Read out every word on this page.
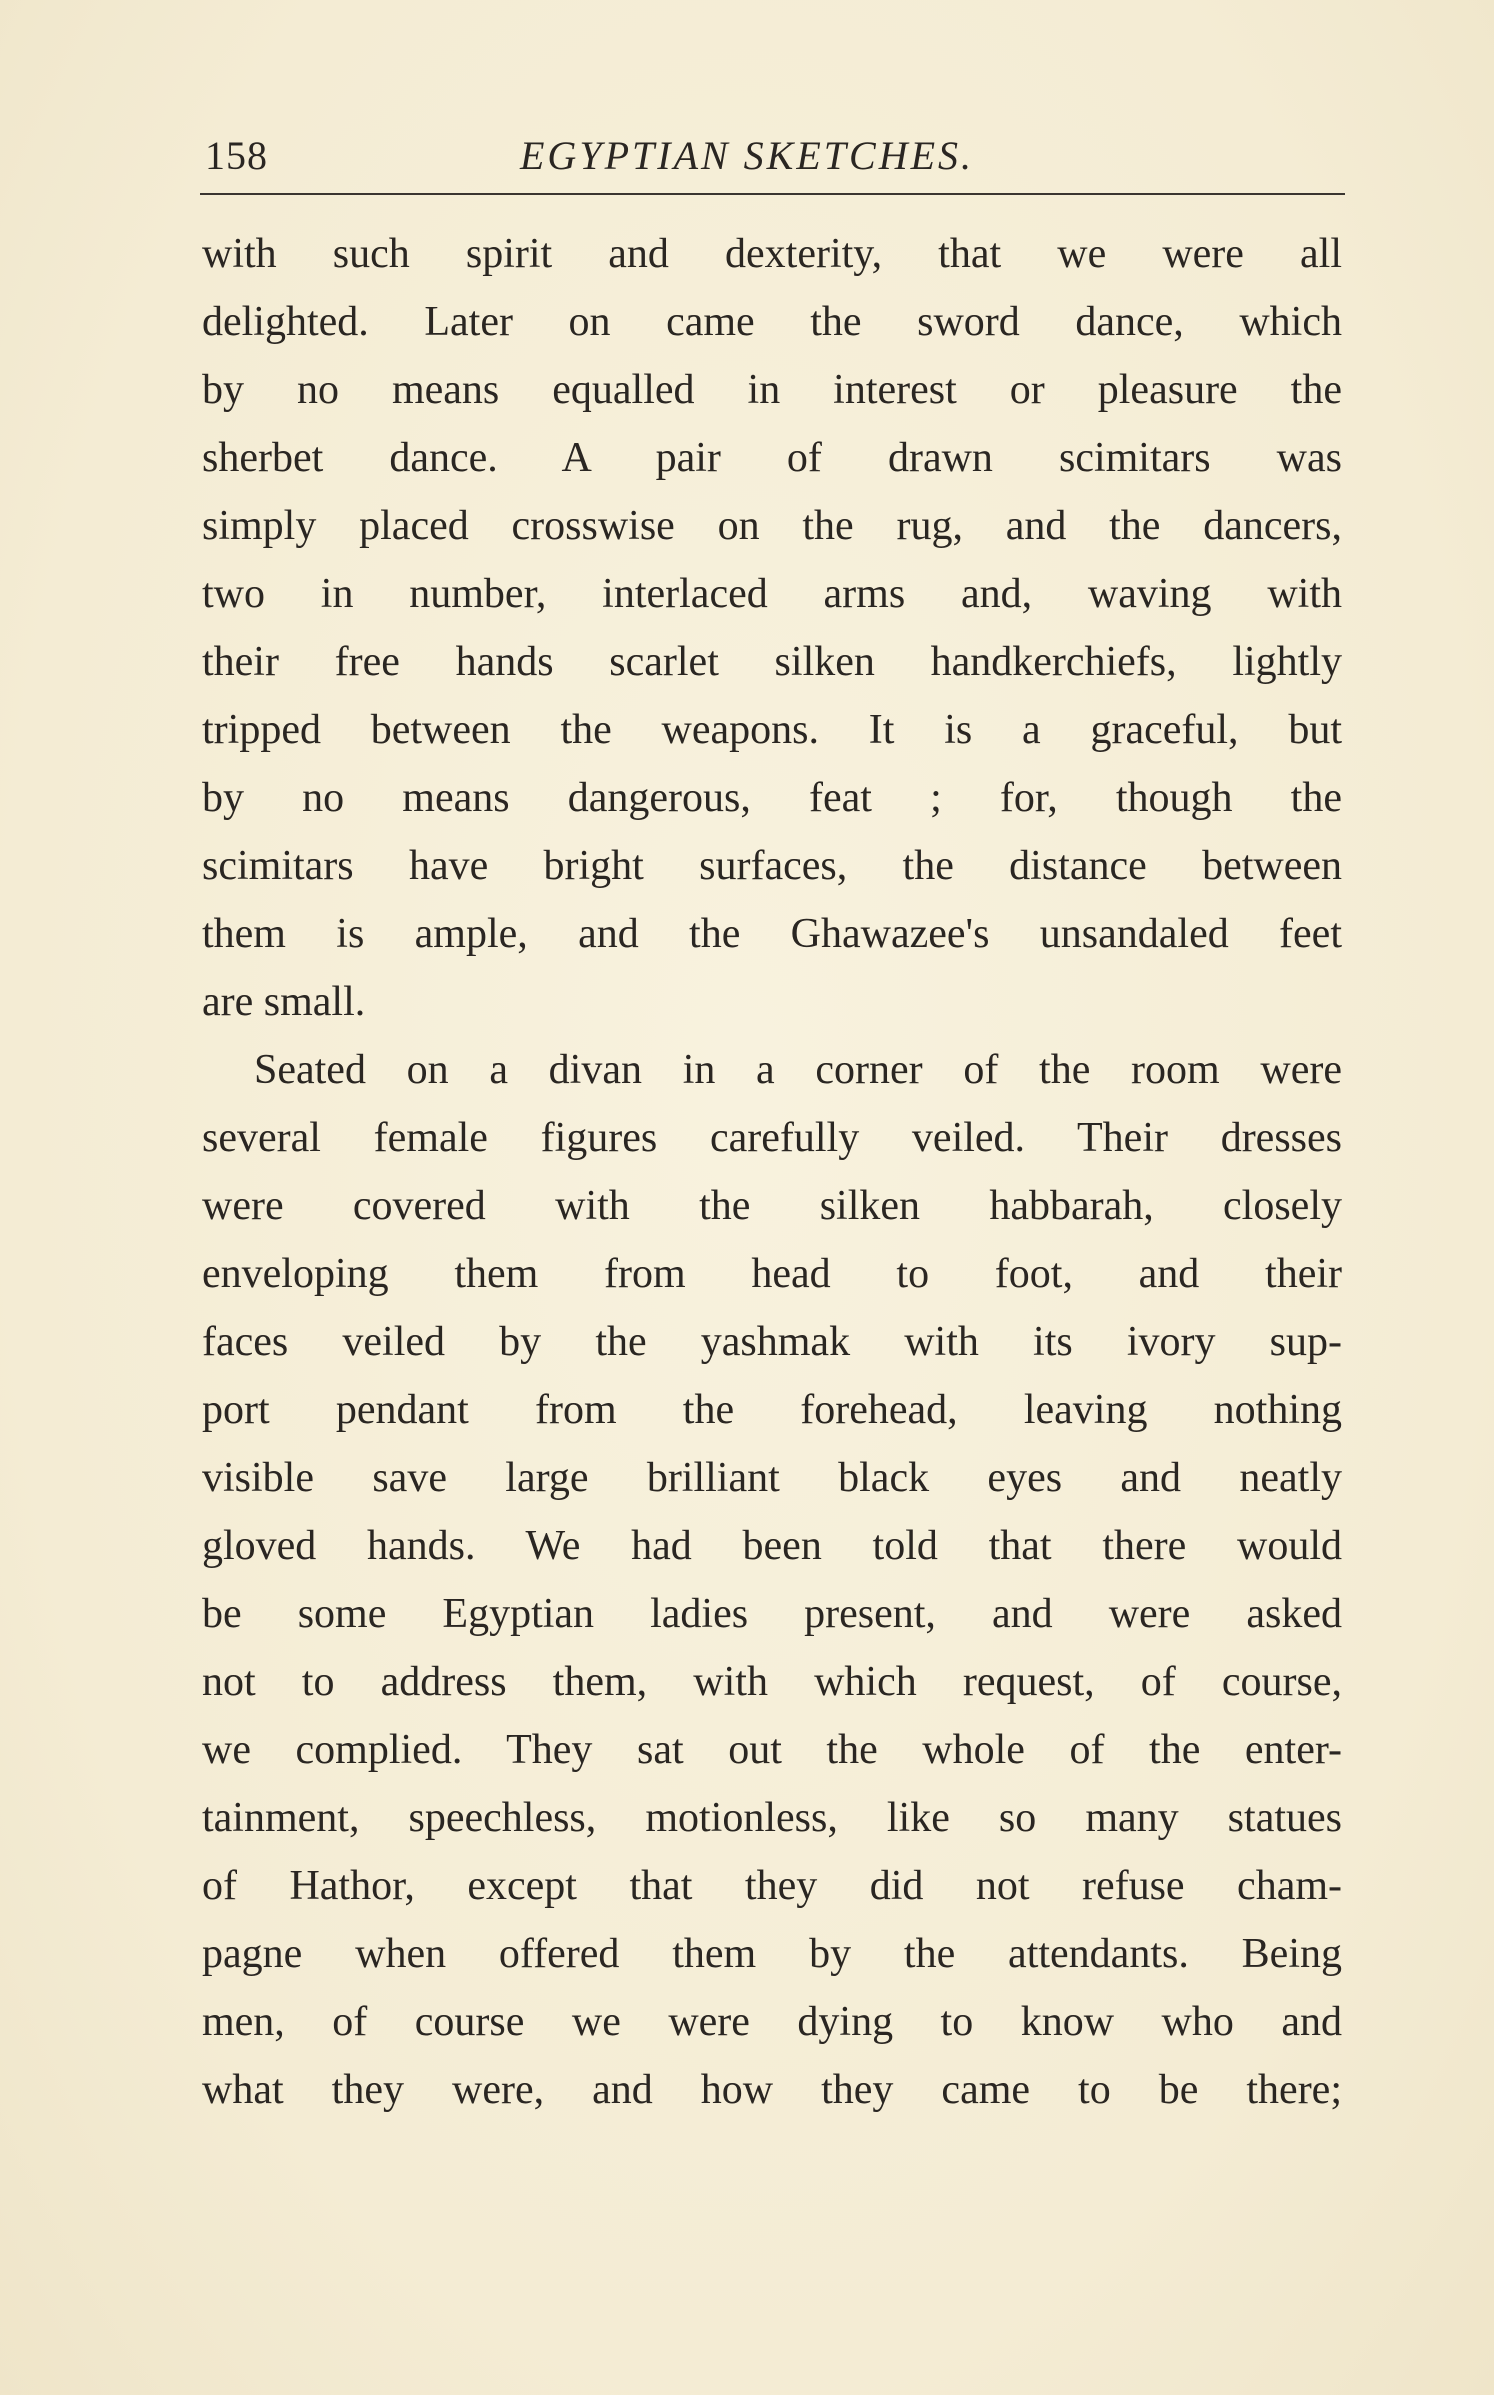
158	EGYPTIAN SKETCHES.
with such spirit and dexterity, that we were all
delighted. Later on came the sword dance, which
by no means equalled in interest or pleasure the
sherbet dance. A pair of drawn scimitars was
simply placed crosswise on the rug, and the dancers,
two in number, interlaced arms and, waving with
their free hands scarlet silken handkerchiefs, lightly
tripped between the weapons. It is a graceful, but
by no means dangerous, feat ; for, though the
scimitars have bright surfaces, the distance between
them is ample, and the Ghawazee's unsandaled feet
are small.
Seated on a divan in a corner of the room were
several female figures carefully veiled. Their dresses
were covered with the silken habbarah, closely
enveloping them from head to foot, and their
faces veiled by the yashmak with its ivory sup-
port pendant from the forehead, leaving nothing
visible save large brilliant black eyes and neatly
gloved hands. We had been told that there would
be some Egyptian ladies present, and were asked
not to address them, with which request, of course,
we complied. They sat out the whole of the enter-
tainment, speechless, motionless, like so many statues
of Hathor, except that they did not refuse cham-
pagne when offered them by the attendants. Being
men, of course we were dying to know who and
what they were, and how they came to be there;
